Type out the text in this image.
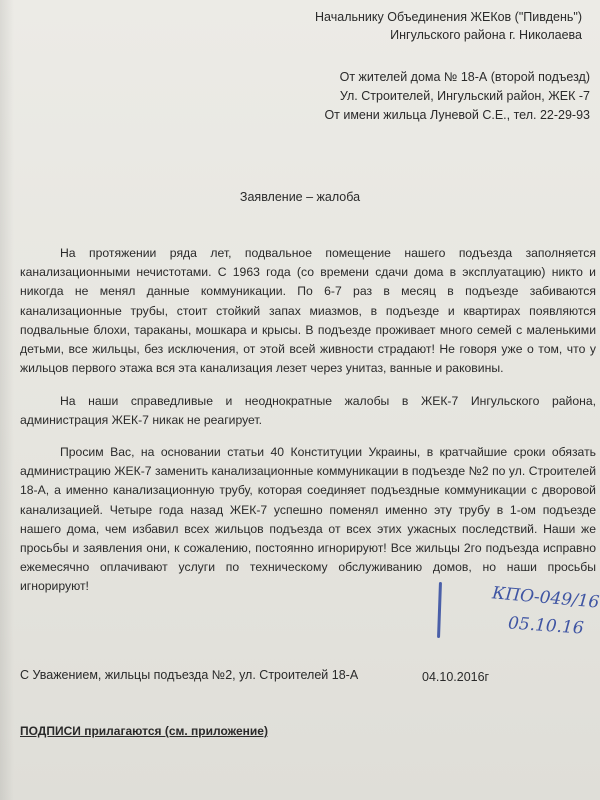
Начальнику Объединения ЖЕКов ("Пивдень")
Ингульского района г. Николаева
От жителей дома № 18-А (второй подъезд)
Ул. Строителей, Ингульский район, ЖЕК -7
От имени жильца Луневой С.Е., тел. 22-29-93
Заявление – жалоба

На протяжении ряда лет, подвальное помещение нашего подъезда заполняется канализационными нечистотами. С 1963 года (со времени сдачи дома в эксплуатацию) никто и никогда не менял данные коммуникации. По 6-7 раз в месяц в подъезде забиваются канализационные трубы, стоит стойкий запах миазмов, в подъезде и квартирах появляются подвальные блохи, тараканы, мошкара и крысы. В подъезде проживает много семей с маленькими детьми, все жильцы, без исключения, от этой всей живности страдают! Не говоря уже о том, что у жильцов первого этажа вся эта канализация лезет через унитаз, ванные и раковины.

На наши справедливые и неоднократные жалобы в ЖЕК-7 Ингульского района, администрация ЖЕК-7 никак не реагирует.

Просим Вас, на основании статьи 40 Конституции Украины, в кратчайшие сроки обязать администрацию ЖЕК-7 заменить канализационные коммуникации в подъезде №2 по ул. Строителей 18-А, а именно канализационную трубу, которая соединяет подъездные коммуникации с дворовой канализацией. Четыре года назад ЖЕК-7 успешно поменял именно эту трубу в 1-ом подъезде нашего дома, чем избавил всех жильцов подъезда от всех этих ужасных последствий. Наши же просьбы и заявления они, к сожалению, постоянно игнорируют! Все жильцы 2го подъезда исправно ежемесячно оплачивают услуги по техническому обслуживанию домов, но наши просьбы игнорируют!	КПО-049/16
05.10.16
С Уважением, жильцы подъезда №2, ул. Строителей 18-А	04.10.2016г
ПОДПИСИ прилагаются (см. приложение)
